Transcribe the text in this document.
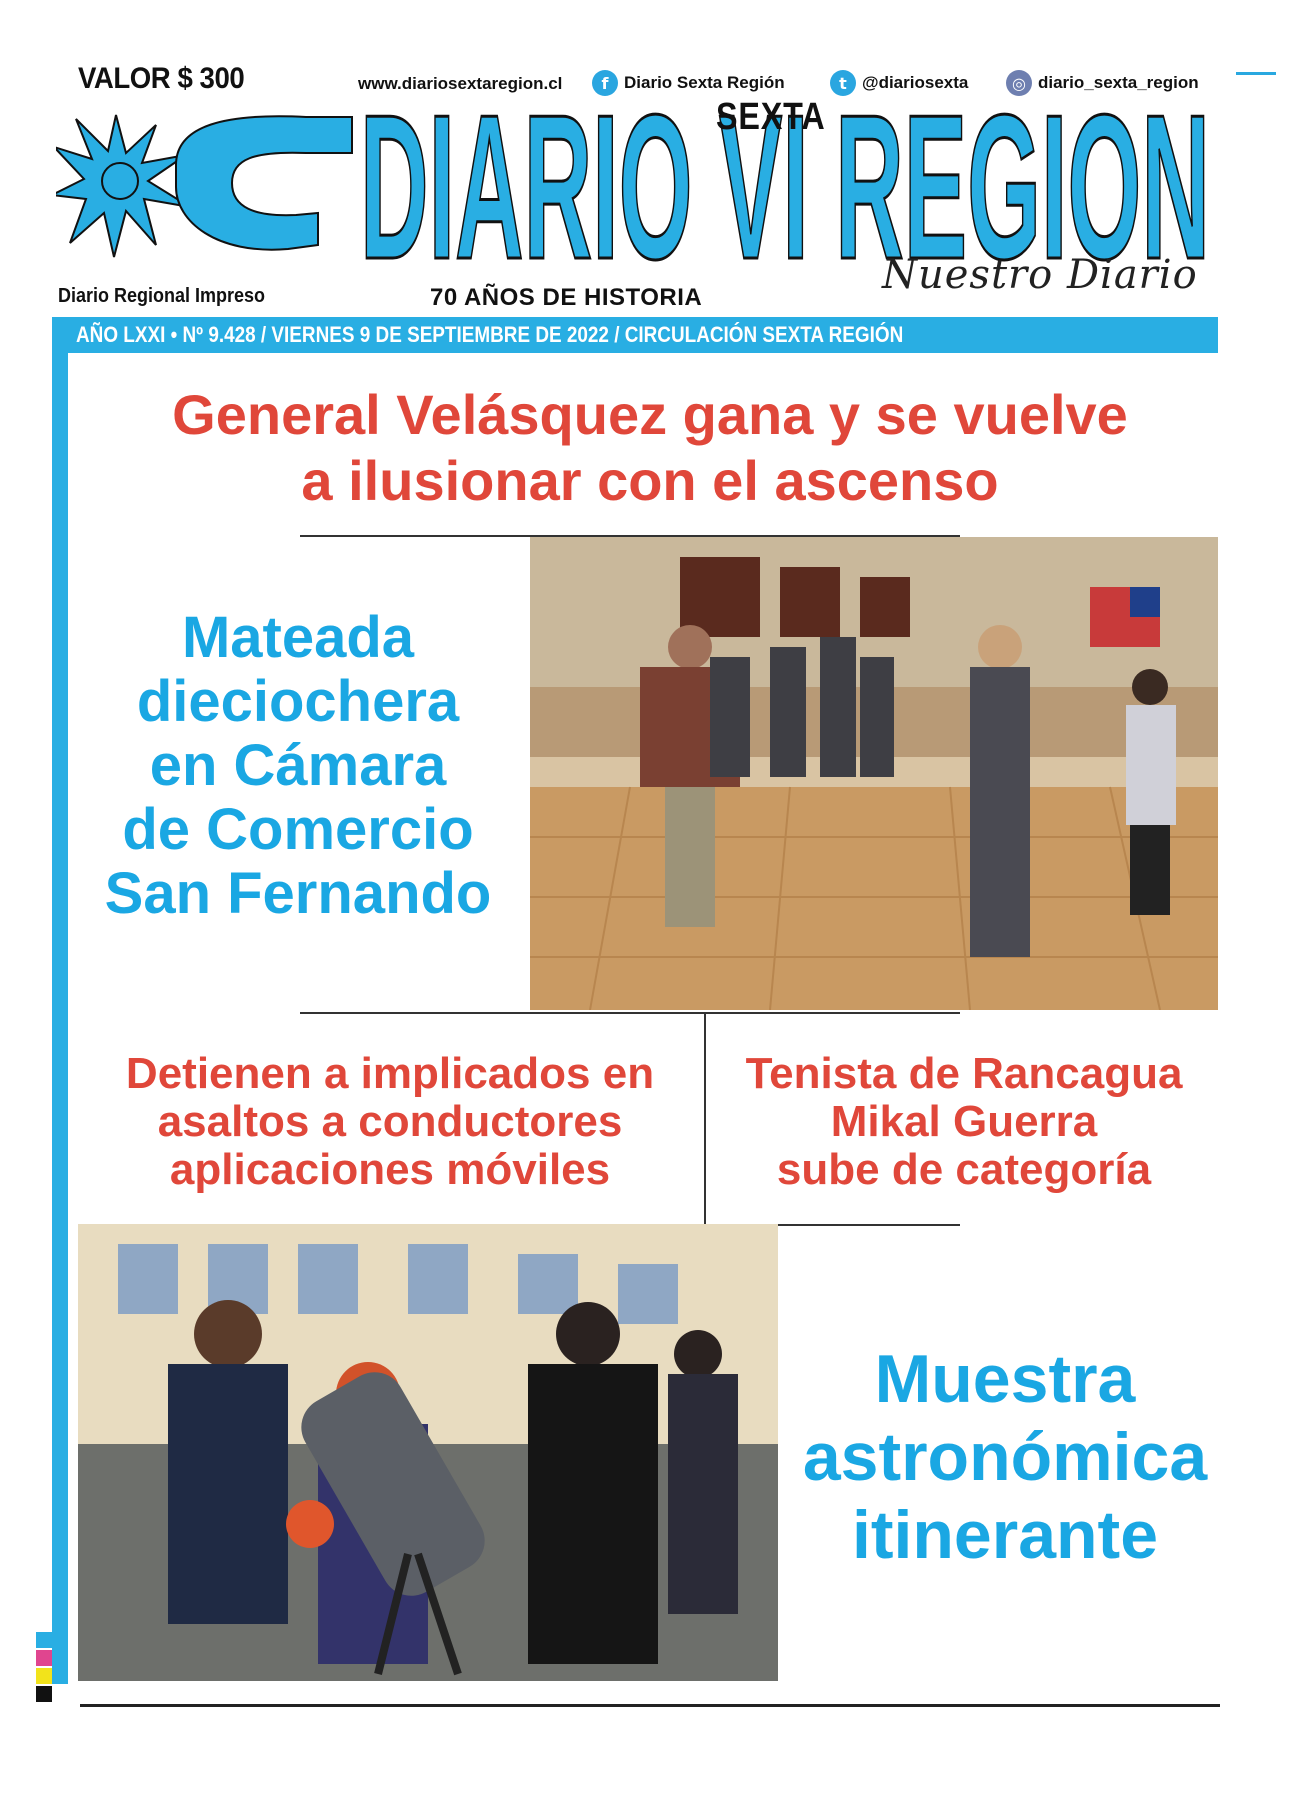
VALOR $ 300	www.diariosextaregion.cl	f Diario Sexta Región	t @diariosexta	◎ diario_sexta_region
DIARIO VI REGION
SEXTA
Nuestro Diario
Diario Regional Impreso	70 AÑOS DE HISTORIA
AÑO LXXI • Nº 9.428 / VIERNES 9 DE SEPTIEMBRE DE 2022 / CIRCULACIÓN SEXTA REGIÓN
General Velásquez gana y se vuelve
a ilusionar con el ascenso
Mateada
dieciochera
en Cámara
de Comercio
San Fernando
Detienen a implicados en
asaltos a conductores
aplicaciones móviles
Tenista de Rancagua
Mikal Guerra
sube de categoría
Muestra
astronómica
itinerante
